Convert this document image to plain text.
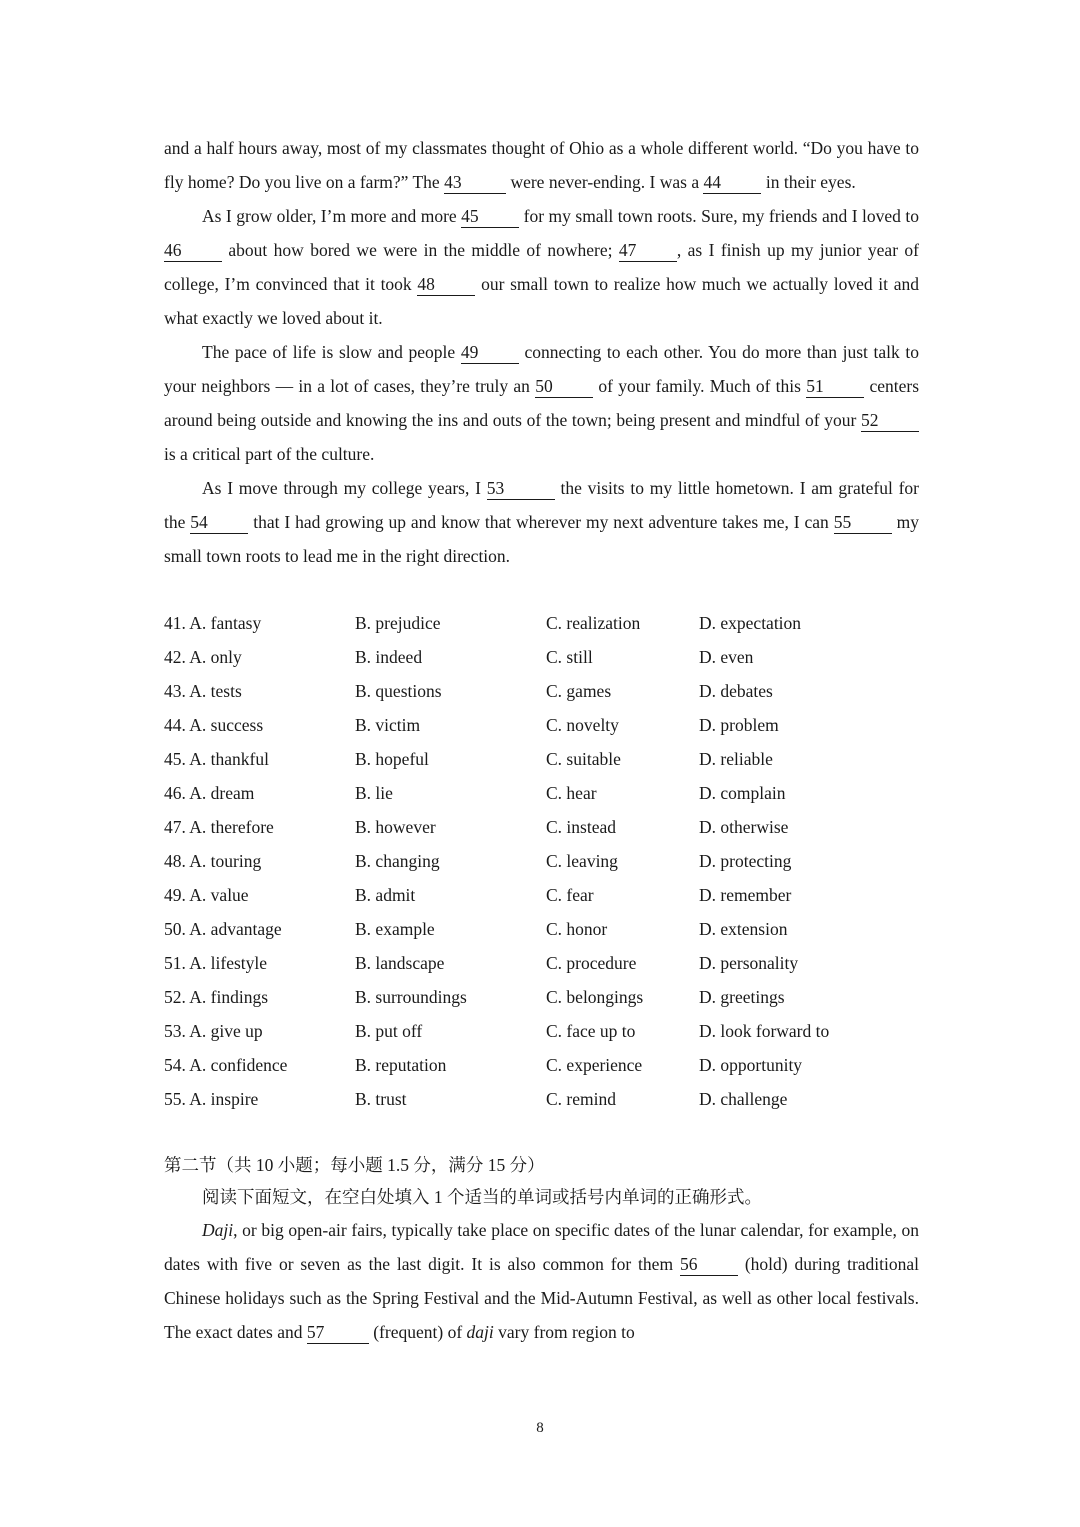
and a half hours away, most of my classmates thought of Ohio as a whole different world. “Do you have to fly home? Do you live on a farm?” The 43	were never-ending. I was a 44 in their eyes.

As I grow older, I’m more and more 45 for my small town roots. Sure, my friends and I loved to 46 about how bored we were in the middle of nowhere; 47 , as I finish up my junior year of college, I’m convinced that it took 48 our small town to realize how much we actually loved it and what exactly we loved about it.

The pace of life is slow and people 49 connecting to each other. You do more than just talk to your neighbors — in a lot of cases, they’re truly an 50 of your family. Much of this 51 centers around being outside and knowing the ins and outs of the town; being present and mindful of your 52 is a critical part of the culture.

As I move through my college years, I 53	the visits to my little hometown. I am grateful for the 54 that I had growing up and know that wherever my next adventure takes me, I can 55 my small town roots to lead me in the right direction.

41. A. fantasy	B. prejudice	C. realization	D. expectation
42. A. only	B. indeed	C. still	D. even
43. A. tests	B. questions	C. games	D. debates
44. A. success	B. victim	C. novelty	D. problem
45. A. thankful	B. hopeful	C. suitable	D. reliable
46. A. dream	B. lie	C. hear	D. complain
47. A. therefore	B. however	C. instead	D. otherwise
48. A. touring	B. changing	C. leaving	D. protecting
49. A. value	B. admit	C. fear	D. remember
50. A. advantage	B. example	C. honor	D. extension
51. A. lifestyle	B. landscape	C. procedure	D. personality
52. A. findings	B. surroundings	C. belongings	D. greetings
53. A. give up	B. put off	C. face up to	D. look forward to
54. A. confidence	B. reputation	C. experience	D. opportunity
55. A. inspire	B. trust	C. remind	D. challenge

第二节（共 10 小题；每小题 1.5 分，满分 15 分）

阅读下面短文，在空白处填入 1 个适当的单词或括号内单词的正确形式。

Daji, or big open-air fairs, typically take place on specific dates of the lunar calendar, for example, on dates with five or seven as the last digit. It is also common for them 56 (hold) during traditional Chinese holidays such as the Spring Festival and the Mid-Autumn Festival, as well as other local festivals. The exact dates and 57	(frequent) of daji vary from region to

8
